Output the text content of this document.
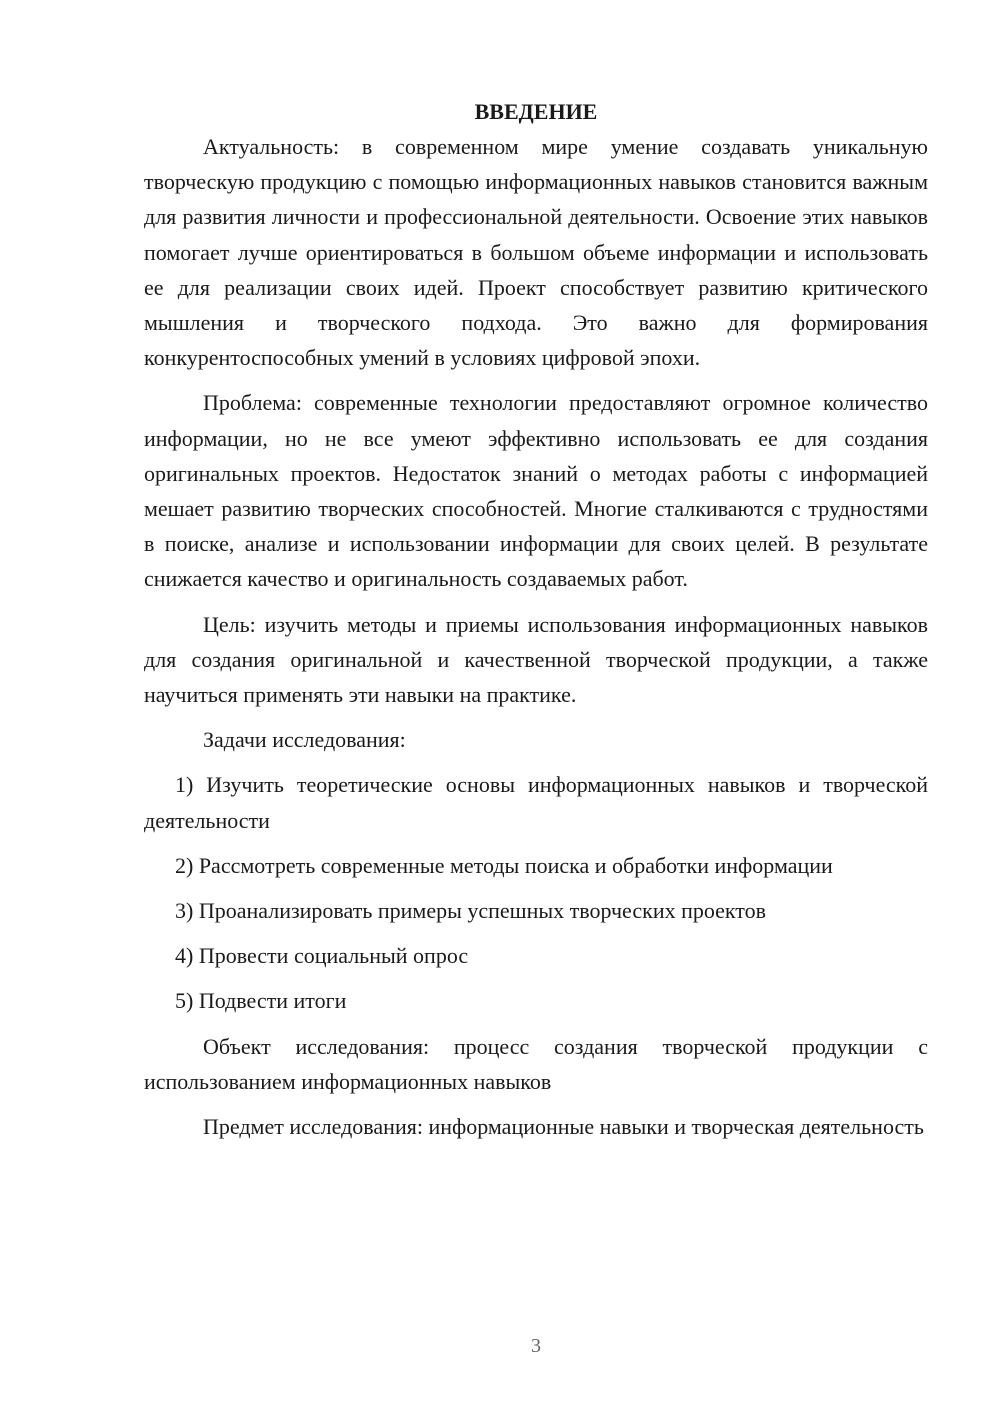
ВВЕДЕНИЕ

Актуальность: в современном мире умение создавать уникальную творческую продукцию с помощью информационных навыков становится важным для развития личности и профессиональной деятельности. Освоение этих навыков помогает лучше ориентироваться в большом объеме информации и использовать ее для реализации своих идей. Проект способствует развитию критического мышления и творческого подхода. Это важно для формирования конкурентоспособных умений в условиях цифровой эпохи.

Проблема: современные технологии предоставляют огромное количество информации, но не все умеют эффективно использовать ее для создания оригинальных проектов. Недостаток знаний о методах работы с информацией мешает развитию творческих способностей. Многие сталкиваются с трудностями в поиске, анализе и использовании информации для своих целей. В результате снижается качество и оригинальность создаваемых работ.

Цель: изучить методы и приемы использования информационных навыков для создания оригинальной и качественной творческой продукции, а также научиться применять эти навыки на практике.

Задачи исследования:

1) Изучить теоретические основы информационных навыков и творческой деятельности

2) Рассмотреть современные методы поиска и обработки информации

3) Проанализировать примеры успешных творческих проектов

4) Провести социальный опрос

5) Подвести итоги

Объект исследования: процесс создания творческой продукции с использованием информационных навыков

Предмет исследования: информационные навыки и творческая деятельность

3
